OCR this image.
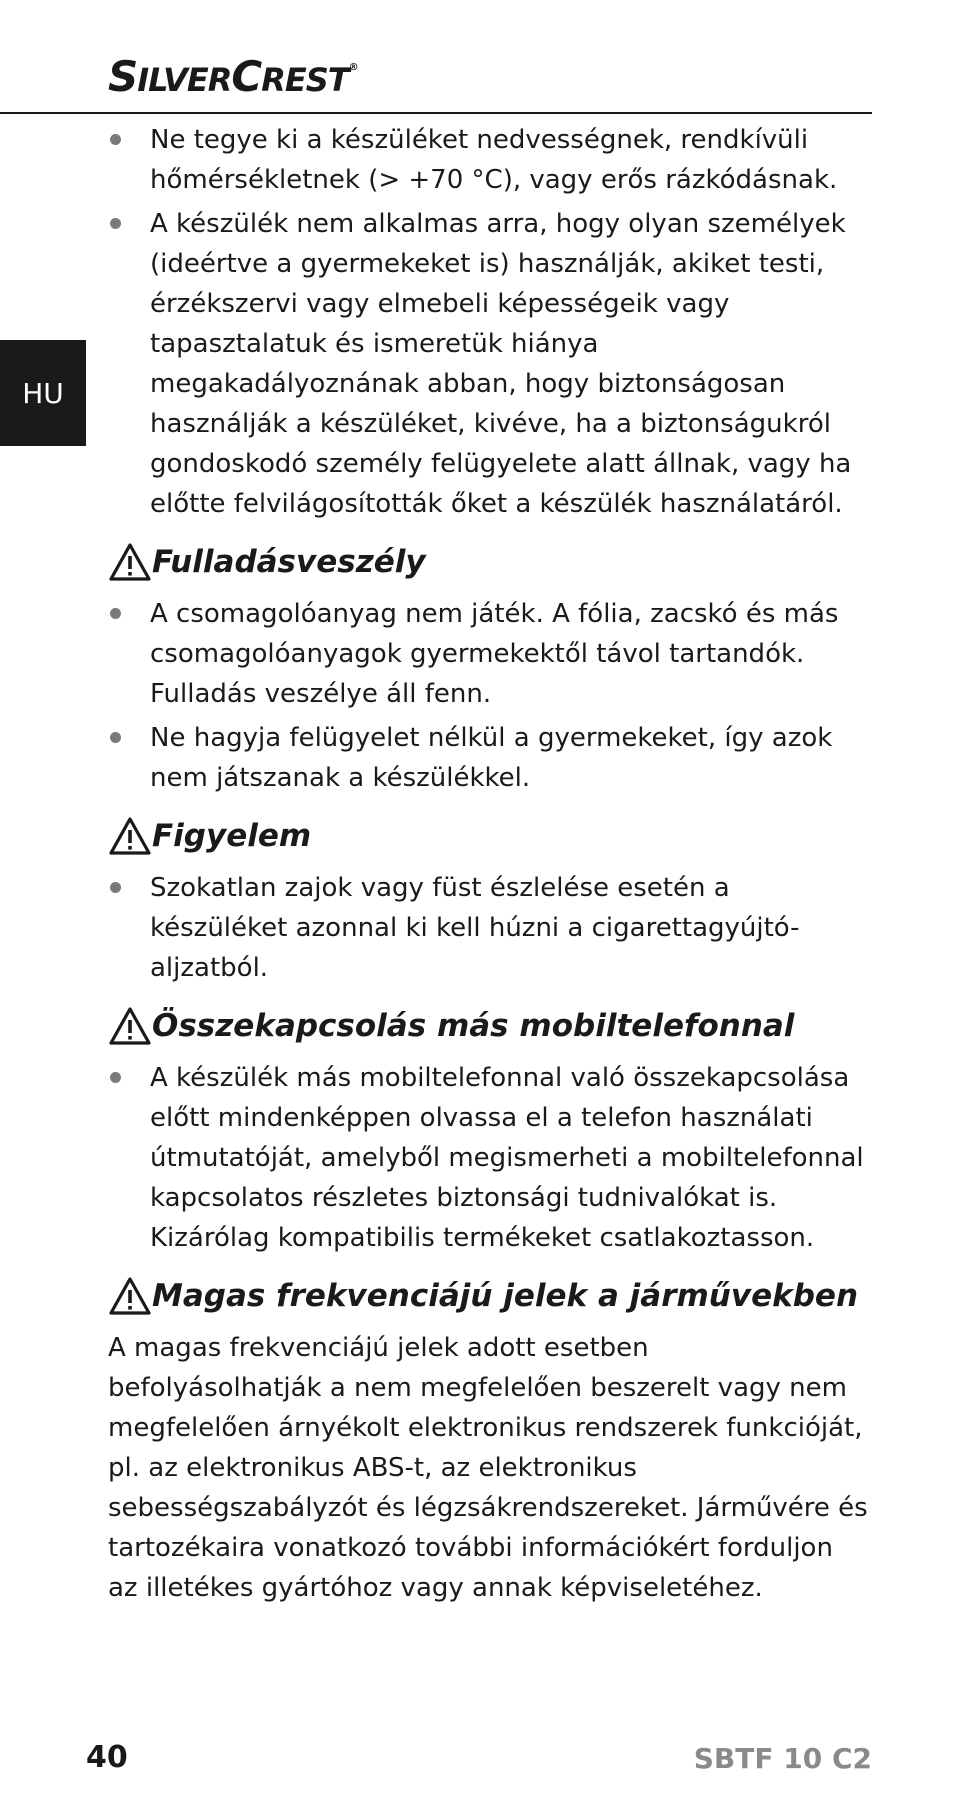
SILVERCREST®
HU
Ne tegye ki a készüléket nedvességnek, rendkívüli hőmérsékletnek (> +70 °C), vagy erős rázkódásnak.
A készülék nem alkalmas arra, hogy olyan személyek (ideértve a gyermekeket is) használják, akiket testi, érzékszervi vagy elmebeli képességeik vagy tapasztalatuk és ismeretük hiánya megakadályoznának abban, hogy biztonságosan használják a készüléket, kivéve, ha a biztonságukról gondoskodó személy felügyelete alatt állnak, vagy ha előtte felvilágosították őket a készülék használatáról.
Fulladásveszély
A csomagolóanyag nem játék. A fólia, zacskó és más csomagolóanyagok gyermekektől távol tartandók. Fulladás veszélye áll fenn.
Ne hagyja felügyelet nélkül a gyermekeket, így azok nem játszanak a készülékkel.
Figyelem
Szokatlan zajok vagy füst észlelése esetén a készüléket azonnal ki kell húzni a cigarettagyújtó-aljzatból.
Összekapcsolás más mobiltelefonnal
A készülék más mobiltelefonnal való összekapcsolása előtt mindenképpen olvassa el a telefon használati útmutatóját, amelyből megismerheti a mobiltelefonnal kapcsolatos részletes biztonsági tudnivalókat is. Kizárólag kompatibilis termékeket csatlakoztasson.
Magas frekvenciájú jelek a járművekben

A magas frekvenciájú jelek adott esetben befolyásolhatják a nem megfelelően beszerelt vagy nem megfelelően árnyékolt elektronikus rendszerek funkcióját, pl. az elektronikus ABS-t, az elektronikus sebességszabályzót és légzsákrendszereket. Járművére és tartozékaira vonatkozó további információkért forduljon az illetékes gyártóhoz vagy annak képviseletéhez.

40	SBTF 10 C2
